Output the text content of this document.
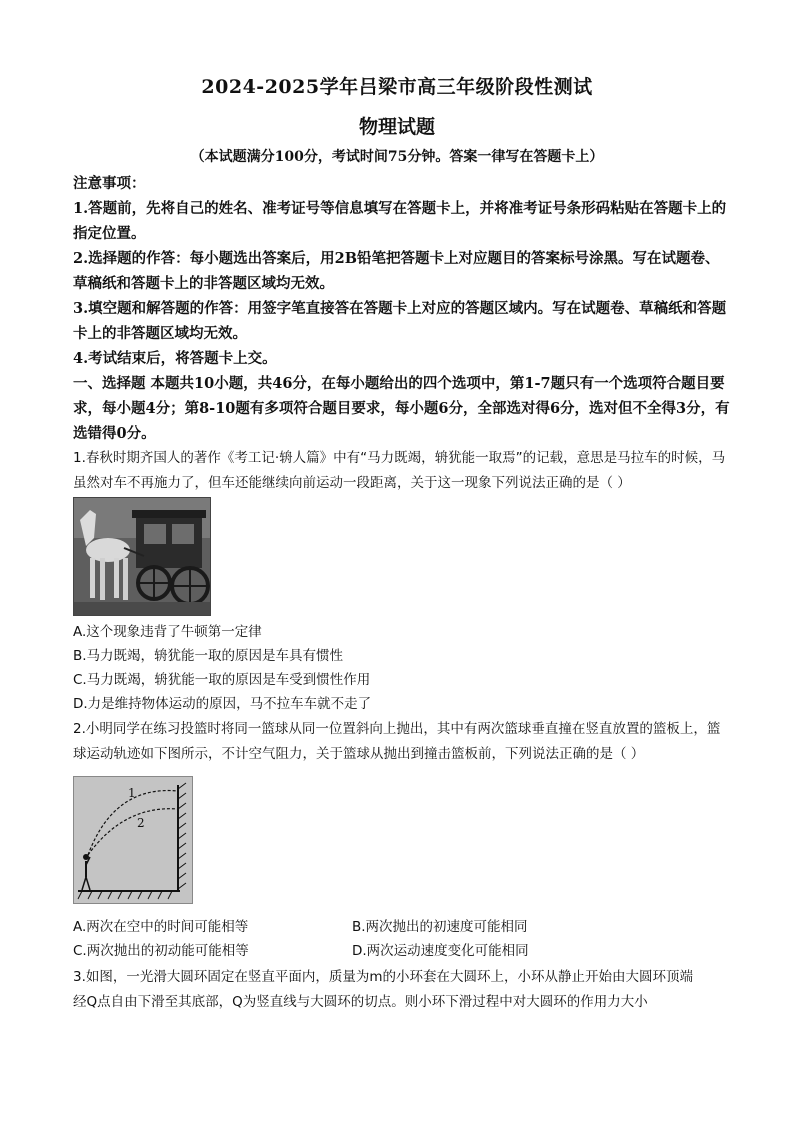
2024-2025学年吕梁市高三年级阶段性测试
物理试题
（本试题满分100分，考试时间75分钟。答案一律写在答题卡上）
注意事项：
1.答题前，先将自己的姓名、准考证号等信息填写在答题卡上，并将准考证号条形码粘贴在答题卡上的指定位置。
2.选择题的作答：每小题选出答案后，用2B铅笔把答题卡上对应题目的答案标号涂黑。写在试题卷、草稿纸和答题卡上的非答题区域均无效。
3.填空题和解答题的作答：用签字笔直接答在答题卡上对应的答题区域内。写在试题卷、草稿纸和答题卡上的非答题区域均无效。
4.考试结束后，将答题卡上交。
一、选择题 本题共10小题，共46分，在每小题给出的四个选项中，第1-7题只有一个选项符合题目要求，每小题4分；第8-10题有多项符合题目要求，每小题6分，全部选对得6分，选对但不全得3分，有选错得0分。
1.春秋时期齐国人的著作《考工记·辀人篇》中有“马力既竭，辀犹能一取焉”的记载，意思是马拉车的时候，马虽然对车不再施力了，但车还能继续向前运动一段距离，关于这一现象下列说法正确的是（ ）
A.这个现象违背了牛顿第一定律
B.马力既竭，辀犹能一取的原因是车具有惯性
C.马力既竭，辀犹能一取的原因是车受到惯性作用
D.力是维持物体运动的原因，马不拉车车就不走了
2.小明同学在练习投篮时将同一篮球从同一位置斜向上抛出，其中有两次篮球垂直撞在竖直放置的篮板上，篮球运动轨迹如下图所示，不计空气阻力，关于篮球从抛出到撞击篮板前，下列说法正确的是（ ）
1
2
A.两次在空中的时间可能相等	B.两次抛出的初速度可能相同
C.两次抛出的初动能可能相等	D.两次运动速度变化可能相同
3.如图，一光滑大圆环固定在竖直平面内，质量为m的小环套在大圆环上，小环从静止开始由大圆环顶端
经Q点自由下滑至其底部，Q为竖直线与大圆环的切点。则小环下滑过程中对大圆环的作用力大小
